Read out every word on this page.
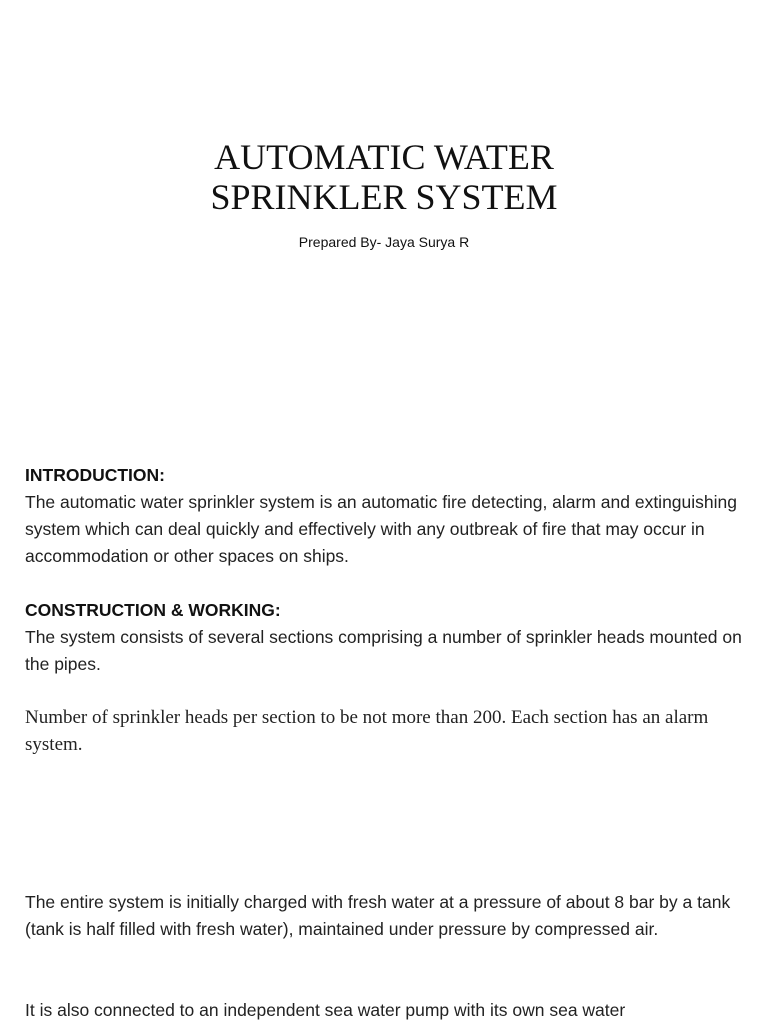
AUTOMATIC WATER
SPRINKLER SYSTEM
Prepared By- Jaya Surya R
INTRODUCTION:
The automatic water sprinkler system is an automatic fire detecting, alarm and extinguishing system which can deal quickly and effectively with any outbreak of fire that may occur in accommodation or other spaces on ships.
CONSTRUCTION & WORKING:
The system consists of several sections comprising a number of sprinkler heads mounted on the pipes.
Number of sprinkler heads per section to be not more than 200. Each section has an alarm system.
The entire system is initially charged with fresh water at a pressure of about 8 bar by a tank (tank is half filled with fresh water), maintained under pressure by compressed air.
It is also connected to an independent sea water pump with its own sea water
